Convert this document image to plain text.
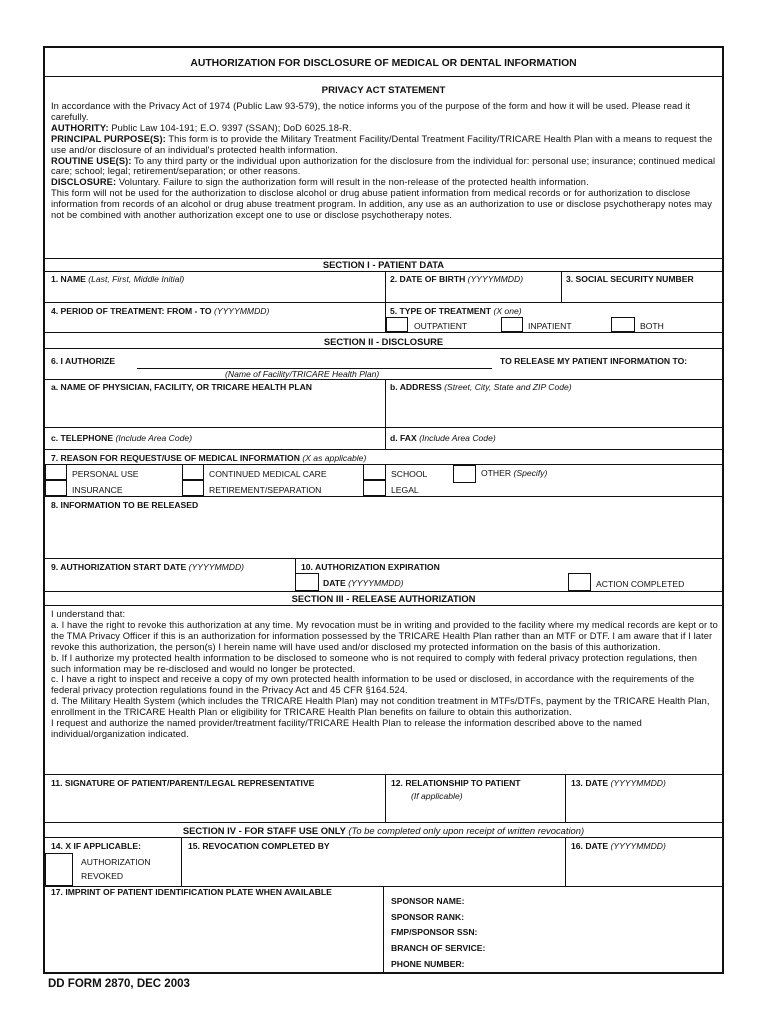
AUTHORIZATION FOR DISCLOSURE OF MEDICAL OR DENTAL INFORMATION
PRIVACY ACT STATEMENT

In accordance with the Privacy Act of 1974 (Public Law 93-579), the notice informs you of the purpose of the form and how it will be used. Please read it carefully.

AUTHORITY: Public Law 104-191; E.O. 9397 (SSAN); DoD 6025.18-R.

PRINCIPAL PURPOSE(S): This form is to provide the Military Treatment Facility/Dental Treatment Facility/TRICARE Health Plan with a means to request the use and/or disclosure of an individual's protected health information.

ROUTINE USE(S): To any third party or the individual upon authorization for the disclosure from the individual for: personal use; insurance; continued medical care; school; legal; retirement/separation; or other reasons.

DISCLOSURE: Voluntary. Failure to sign the authorization form will result in the non-release of the protected health information.

This form will not be used for the authorization to disclose alcohol or drug abuse patient information from medical records or for authorization to disclose information from records of an alcohol or drug abuse treatment program. In addition, any use as an authorization to use or disclose psychotherapy notes may not be combined with another authorization except one to use or disclose psychotherapy notes.

SECTION I - PATIENT DATA
1. NAME (Last, First, Middle Initial)	2. DATE OF BIRTH (YYYYMMDD)	3. SOCIAL SECURITY NUMBER
4. PERIOD OF TREATMENT: FROM - TO (YYYYMMDD)	5. TYPE OF TREATMENT (X one)
OUTPATIENT	INPATIENT	BOTH
SECTION II - DISCLOSURE
6. I AUTHORIZE	TO RELEASE MY PATIENT INFORMATION TO:
(Name of Facility/TRICARE Health Plan)
a. NAME OF PHYSICIAN, FACILITY, OR TRICARE HEALTH PLAN	b. ADDRESS (Street, City, State and ZIP Code)
c. TELEPHONE (Include Area Code)	d. FAX (Include Area Code)
7. REASON FOR REQUEST/USE OF MEDICAL INFORMATION (X as applicable)
PERSONAL USE	CONTINUED MEDICAL CARE	SCHOOL	OTHER (Specify)
INSURANCE	RETIREMENT/SEPARATION	LEGAL
8. INFORMATION TO BE RELEASED
9. AUTHORIZATION START DATE (YYYYMMDD)	10. AUTHORIZATION EXPIRATION
DATE (YYYYMMDD)	ACTION COMPLETED
SECTION III - RELEASE AUTHORIZATION

I understand that:

a. I have the right to revoke this authorization at any time. My revocation must be in writing and provided to the facility where my medical records are kept or to the TMA Privacy Officer if this is an authorization for information possessed by the TRICARE Health Plan rather than an MTF or DTF. I am aware that if I later revoke this authorization, the person(s) I herein name will have used and/or disclosed my protected information on the basis of this authorization.

b. If I authorize my protected health information to be disclosed to someone who is not required to comply with federal privacy protection regulations, then such information may be re-disclosed and would no longer be protected.

c. I have a right to inspect and receive a copy of my own protected health information to be used or disclosed, in accordance with the requirements of the federal privacy protection regulations found in the Privacy Act and 45 CFR §164.524.

d. The Military Health System (which includes the TRICARE Health Plan) may not condition treatment in MTFs/DTFs, payment by the TRICARE Health Plan, enrollment in the TRICARE Health Plan or eligibility for TRICARE Health Plan benefits on failure to obtain this authorization.

I request and authorize the named provider/treatment facility/TRICARE Health Plan to release the information described above to the named individual/organization indicated.

11. SIGNATURE OF PATIENT/PARENT/LEGAL REPRESENTATIVE	12. RELATIONSHIP TO PATIENT
(If applicable)
13. DATE (YYYYMMDD)
SECTION IV - FOR STAFF USE ONLY (To be completed only upon receipt of written revocation)
14. X IF APPLICABLE:
AUTHORIZATION
REVOKED
15. REVOCATION COMPLETED BY	16. DATE (YYYYMMDD)
17. IMPRINT OF PATIENT IDENTIFICATION PLATE WHEN AVAILABLE
SPONSOR NAME:
SPONSOR RANK:
FMP/SPONSOR SSN:
BRANCH OF SERVICE:
PHONE NUMBER:
DD FORM 2870, DEC 2003
